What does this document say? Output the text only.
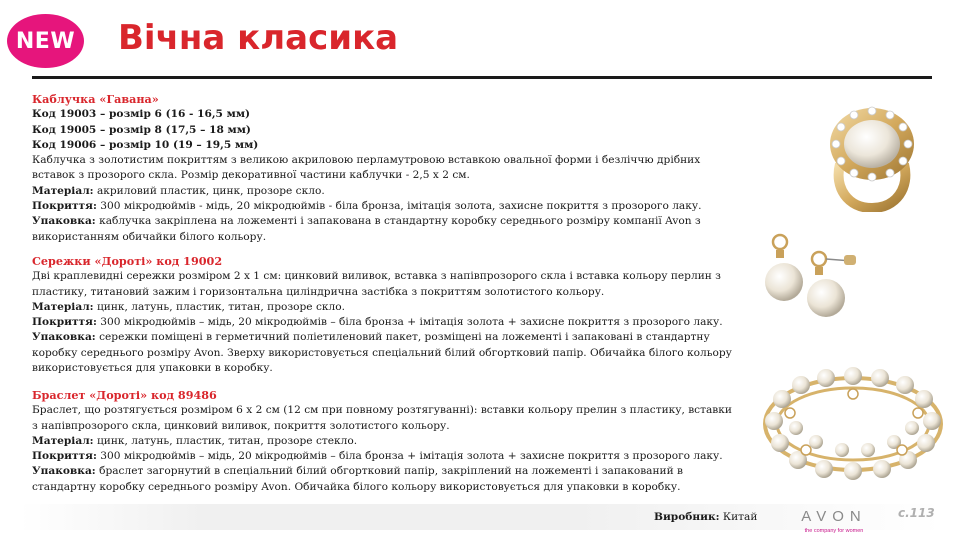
NEW Вічна класика

Каблучка «Гавана»

Код 19003 – розмір 6 (16 - 16,5 мм)

Код 19005 – розмір 8 (17,5 – 18 мм)

Код 19006 – розмір 10 (19 – 19,5 мм)

Каблучка з золотистим покриттям з великою акриловою перламутровою вставкою овальної форми і безліччю дрібних вставок з прозорого скла. Розмір декоративної частини каблучки - 2,5 х 2 см.

Матеріал: акриловий пластик, цинк, прозоре скло.

Покриття: 300 мікродюймів - мідь, 20 мікродюймів - біла бронза, імітація золота, захисне покриття з прозорого лаку.

Упаковка: каблучка закріплена на ложементі і запакована в стандартну коробку середнього розміру компанії Avon з використанням обичайки білого кольору.

Сережки «Дороті» код 19002

Дві краплевидні сережки розміром 2 х 1 см: цинковий виливок, вставка з напівпрозорого скла і вставка кольору перлин з пластику, титановий зажим і горизонтальна циліндрична застібка з покриттям золотистого кольору.

Матеріал: цинк, латунь, пластик, титан, прозоре скло.

Покриття: 300 мікродюймів – мідь, 20 мікродюймів – біла бронза + імітація золота + захисне покриття з прозорого лаку.

Упаковка: сережки поміщені в герметичний поліетиленовий пакет, розміщені на ложементі і запаковані в стандартну коробку середнього розміру Avon. Зверху використовується спеціальний білий обгортковий папір. Обичайка білого кольору використовується для упаковки в коробку.

Браслет «Дороті» код 89486

Браслет, що розтягується розміром 6 х 2 см (12 см при повному розтягуванні): вставки кольору прелин з пластику, вставки з напівпрозорого скла, цинковий виливок, покриття золотистого кольору.

Матеріал: цинк, латунь, пластик, титан, прозоре стекло.

Покриття: 300 мікродюймів – мідь, 20 мікродюймів – біла бронза + імітація золота + захисне покриття з прозорого лаку.

Упаковка: браслет загорнутий в спеціальний білий обгортковий папір, закріплений на ложементі і запакований в стандартну коробку середнього розміру Avon. Обичайка білого кольору використовується для упаковки в коробку.

Виробник: Китай	AVON
the company for women
с.113
